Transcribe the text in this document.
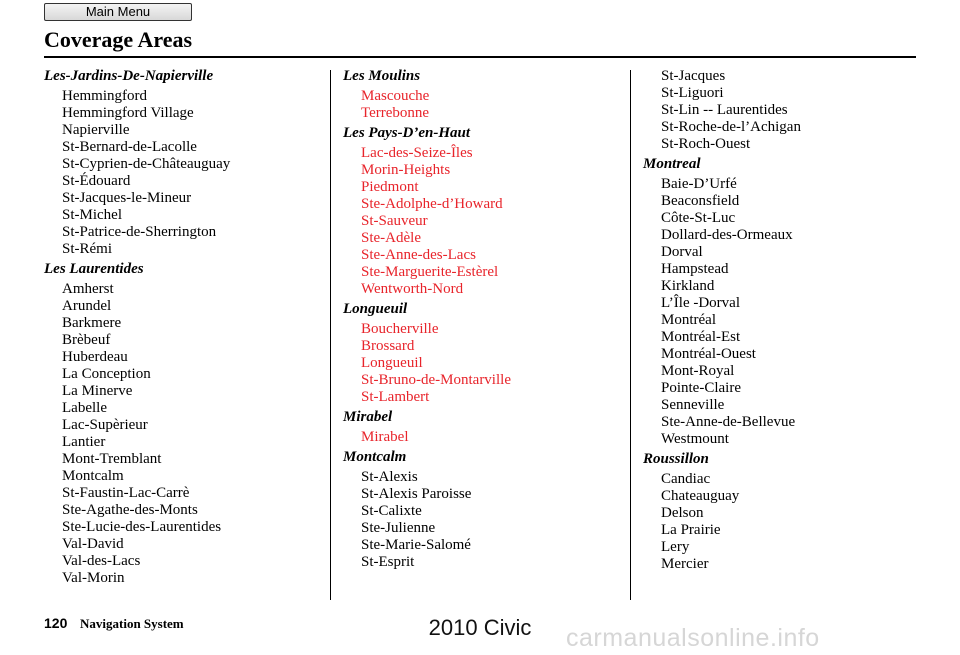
Main Menu
Coverage Areas
Les-Jardins-De-Napierville
Hemmingford
Hemmingford Village
Napierville
St-Bernard-de-Lacolle
St-Cyprien-de-Châteauguay
St-Édouard
St-Jacques-le-Mineur
St-Michel
St-Patrice-de-Sherrington
St-Rémi
Les Laurentides
Amherst
Arundel
Barkmere
Brèbeuf
Huberdeau
La Conception
La Minerve
Labelle
Lac-Supèrieur
Lantier
Mont-Tremblant
Montcalm
St-Faustin-Lac-Carrè
Ste-Agathe-des-Monts
Ste-Lucie-des-Laurentides
Val-David
Val-des-Lacs
Val-Morin
Les Moulins
Mascouche
Terrebonne
Les Pays-D’en-Haut
Lac-des-Seize-Îles
Morin-Heights
Piedmont
Ste-Adolphe-d’Howard
St-Sauveur
Ste-Adèle
Ste-Anne-des-Lacs
Ste-Marguerite-Estèrel
Wentworth-Nord
Longueuil
Boucherville
Brossard
Longueuil
St-Bruno-de-Montarville
St-Lambert
Mirabel
Mirabel
Montcalm
St-Alexis
St-Alexis Paroisse
St-Calixte
Ste-Julienne
Ste-Marie-Salomé
St-Esprit
St-Jacques
St-Liguori
St-Lin -- Laurentides
St-Roche-de-l’Achigan
St-Roch-Ouest
Montreal
Baie-D’Urfé
Beaconsfield
Côte-St-Luc
Dollard-des-Ormeaux
Dorval
Hampstead
Kirkland
L’Île -Dorval
Montréal
Montréal-Est
Montréal-Ouest
Mont-Royal
Pointe-Claire
Senneville
Ste-Anne-de-Bellevue
Westmount
Roussillon
Candiac
Chateauguay
Delson
La Prairie
Lery
Mercier
120 Navigation System	2010 Civic	carmanualsonline.info
